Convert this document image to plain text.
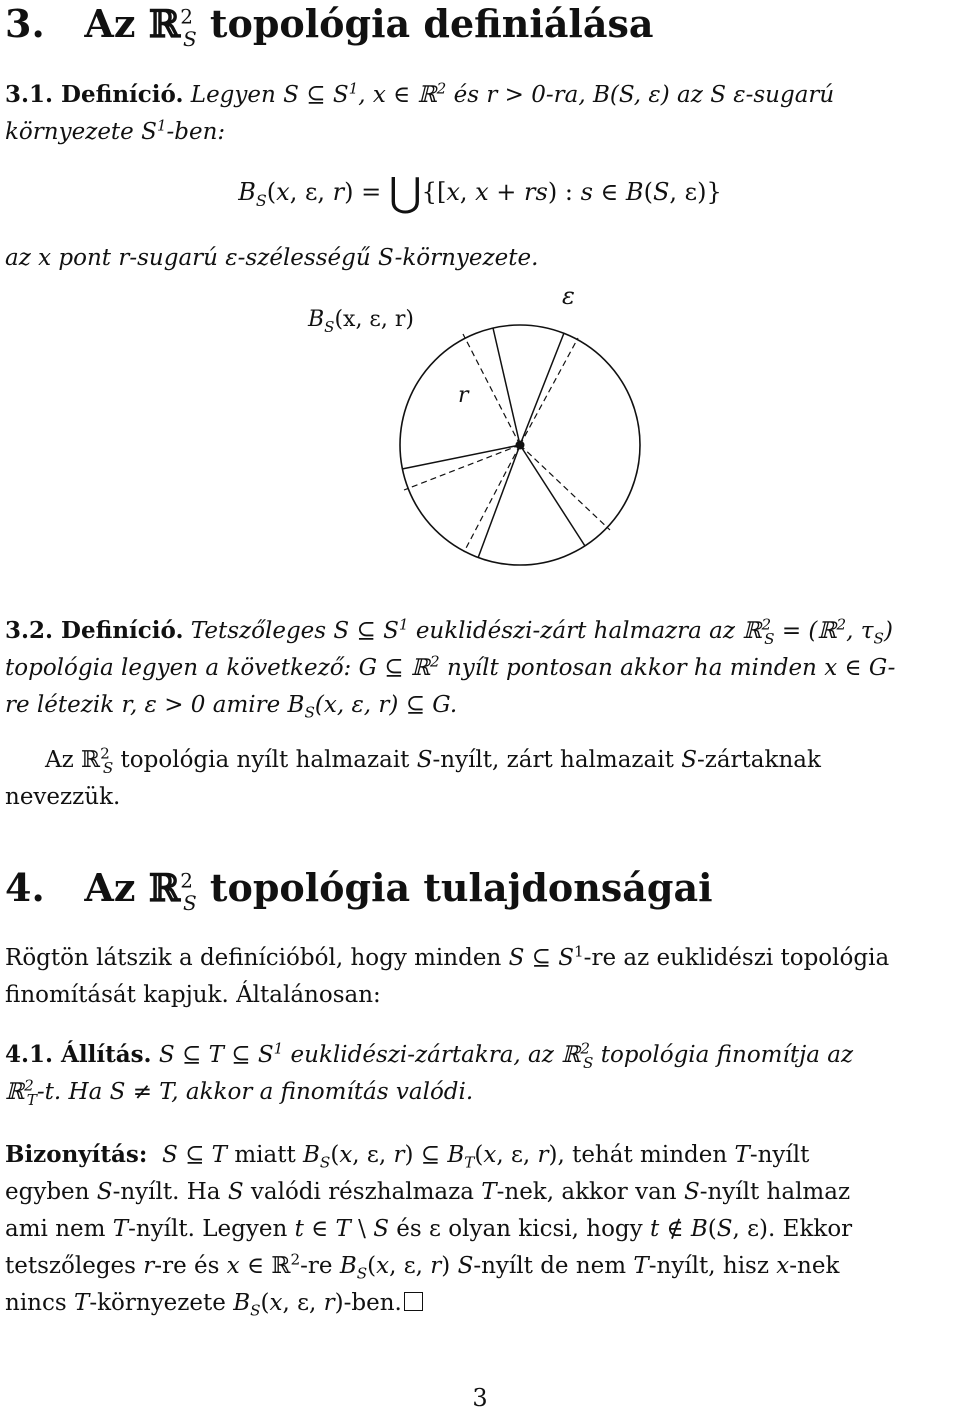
3. Az ℝ$^2_S$ topológia definiálása
3.1. Definíció. Legyen S ⊆ $S^1$, x ∈ ℝ$^2$ és r > 0-ra, B(S, ε) az S ε-sugarú
környezete $S^1$-ben:
$B_S(x$, ε, r) = ⋃{[x, x + rs) : s ∈ B(S, ε)}
az x pont r-sugarú ε-szélességű S-környezete.
$B_S(x$, ε, r)
ε
r
3.2. Definíció. Tetszőleges S ⊆ $S^1$ euklidészi-zárt halmazra az ℝ$^2_S$ = (ℝ$^2$, $\tau_S$)
topológia legyen a következő: G ⊆ ℝ$^2$ nyílt pontosan akkor ha minden x ∈ G-
re létezik r, ε > 0 amire $B_S(x$, ε, r) ⊆ G.
Az ℝ$^2_S$ topológia nyílt halmazait S-nyílt, zárt halmazait S-zártaknak
nevezzük.
4. Az ℝ$^2_S$ topológia tulajdonságai
Rögtön látszik a definícióból, hogy minden S ⊆ $S^1-re$ az euklidészi topológia
finomítását kapjuk. Általánosan:
4.1. Állítás. S ⊆ T ⊆ $S^1$ euklidészi-zártakra, az ℝ$^2_S$ topológia finomítja az
ℝ$^2_T$-t. Ha S ≠ T, akkor a finomítás valódi.
Bizonyítás: S ⊆ T miatt $B_S(x$, ε, r) ⊆ $B_T(x$, ε, r), tehát minden T-nyílt
egyben S-nyílt. Ha S valódi részhalmaza T-nek, akkor van S-nyílt halmaz
ami nem T-nyílt. Legyen t ∈ T \ S és ε olyan kicsi, hogy t ∉ B(S, ε). Ekkor
tetszőleges r-re és x ∈ ℝ$^2$-re $B_S(x$, ε, r) S-nyílt de nem T-nyílt, hisz x-nek
nincs T-környezete $B_S(x$, ε, r)-ben.
3
